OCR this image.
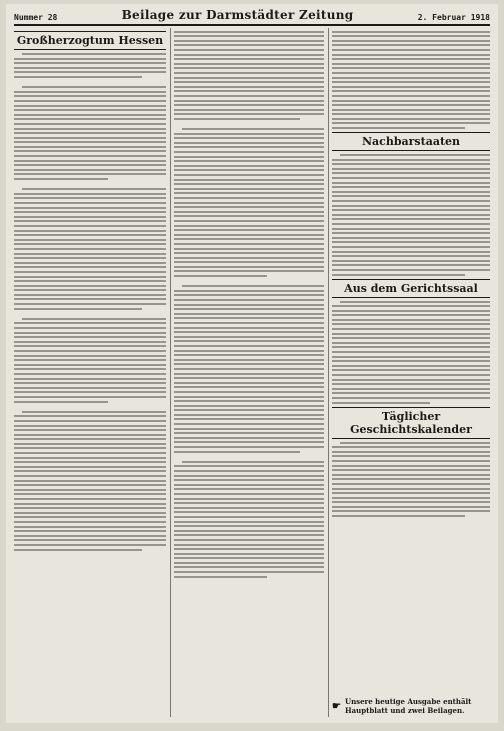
Nummer 28	Beilage zur Darmstädter Zeitung	2. Februar 1918
Großherzogtum Hessen
Nachbarstaaten
Aus dem Gerichtssaal
Täglicher Geschichtskalender
☛ Unsere heutige Ausgabe enthält Hauptblatt und zwei Beilagen.
